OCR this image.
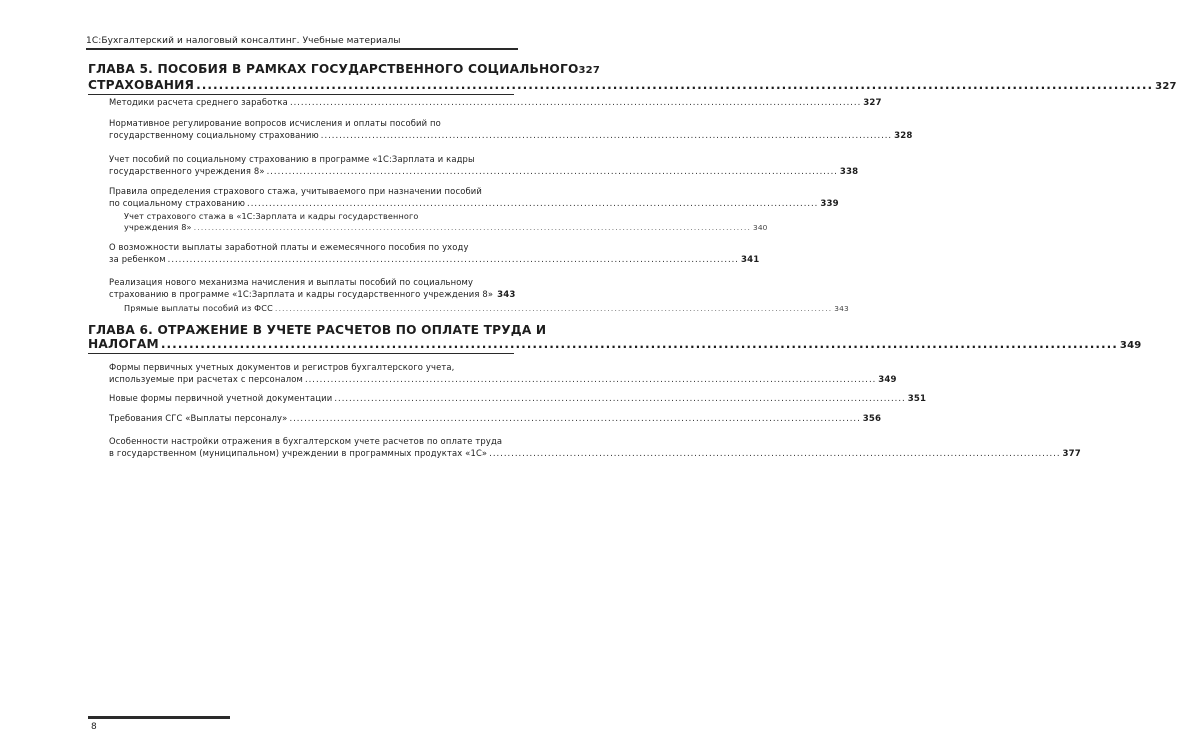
1С:Бухгалтерский и налоговый консалтинг. Учебные материалы
ГЛАВА 5. ПОСОБИЯ В РАМКАХ ГОСУДАРСТВЕННОГО СОЦИАЛЬНОГО 327
СТРАХОВАНИЯ .......................................................................................................................................................................... 327
Методики расчета среднего заработка ............................................................................................................................................................ 327
Нормативное регулирование вопросов исчисления и оплаты пособий по
государственному социальному страхованию ............................................................................................................................................................ 328
Учет пособий по социальному страхованию в программе «1С:Зарплата и кадры
государственного учреждения 8» ............................................................................................................................................................ 338
Правила определения страхового стажа, учитываемого при назначении пособий
по социальному страхованию ............................................................................................................................................................ 339
Учет страхового стажа в «1С:Зарплата и кадры государственного
учреждения 8» ............................................................................................................................................................ 340
О возможности выплаты заработной платы и ежемесячного пособия по уходу
за ребенком ............................................................................................................................................................ 341
Реализация нового механизма начисления и выплаты пособий по социальному
страхованию в программе «1С:Зарплата и кадры государственного учреждения 8» 343
Прямые выплаты пособий из ФСС ............................................................................................................................................................ 343
ГЛАВА 6. ОТРАЖЕНИЕ В УЧЕТЕ РАСЧЕТОВ ПО ОПЛАТЕ ТРУДА И
НАЛОГАМ .......................................................................................................................................................................... 349
Формы первичных учетных документов и регистров бухгалтерского учета,
используемые при расчетах с персоналом ............................................................................................................................................................ 349
Новые формы первичной учетной документации ............................................................................................................................................................ 351
Требования СГС «Выплаты персоналу» ............................................................................................................................................................ 356
Особенности настройки отражения в бухгалтерском учете расчетов по оплате труда
в государственном (муниципальном) учреждении в программных продуктах «1С» ............................................................................................................................................................ 377
8
